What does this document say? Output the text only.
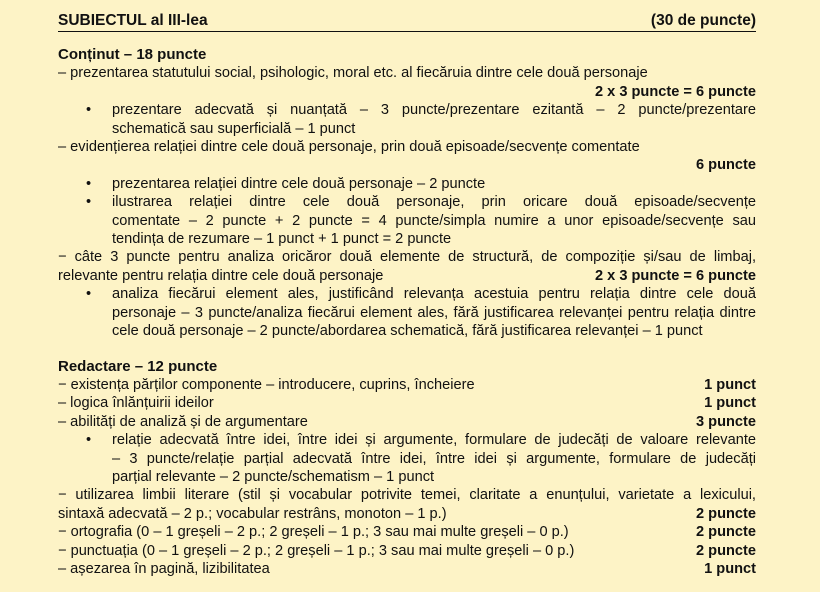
SUBIECTUL al III-lea	(30 de puncte)
Conținut – 18 puncte
– prezentarea statutului social, psihologic, moral etc. al fiecăruia dintre cele două personaje
2 x 3 puncte = 6 puncte
• prezentare adecvată și nuanțată – 3 puncte/prezentare ezitantă – 2 puncte/prezentare
schematică sau superficială – 1 punct
– evidențierea relației dintre cele două personaje, prin două episoade/secvențe comentate
6 puncte
• prezentarea relației dintre cele două personaje – 2 puncte
• ilustrarea relației dintre cele două personaje, prin oricare două episoade/secvențe
comentate – 2 puncte + 2 puncte = 4 puncte/simpla numire a unor episoade/secvențe sau
tendința de rezumare – 1 punct + 1 punct = 2 puncte
− câte 3 puncte pentru analiza oricăror două elemente de structură, de compoziție și/sau de limbaj,
relevante pentru relația dintre cele două personaje	2 x 3 puncte = 6 puncte
• analiza fiecărui element ales, justificând relevanța acestuia pentru relația dintre cele două
personaje – 3 puncte/analiza fiecărui element ales, fără justificarea relevanței pentru relația dintre
cele două personaje – 2 puncte/abordarea schematică, fără justificarea relevanței – 1 punct
Redactare – 12 puncte
− existența părților componente – introducere, cuprins, încheiere	1 punct
– logica înlănțuirii ideilor	1 punct
– abilități de analiză și de argumentare	3 puncte
• relație adecvată între idei, între idei și argumente, formulare de judecăți de valoare relevante
– 3 puncte/relație parțial adecvată între idei, între idei și argumente, formulare de judecăți
parțial relevante – 2 puncte/schematism – 1 punct
− utilizarea limbii literare (stil și vocabular potrivite temei, claritate a enunțului, varietate a lexicului,
sintaxă adecvată – 2 p.; vocabular restrâns, monoton – 1 p.)	2 puncte
− ortografia (0 – 1 greșeli – 2 p.; 2 greșeli – 1 p.; 3 sau mai multe greșeli – 0 p.)	2 puncte
− punctuația (0 – 1 greșeli – 2 p.; 2 greșeli – 1 p.; 3 sau mai multe greșeli – 0 p.)	2 puncte
– așezarea în pagină, lizibilitatea	1 punct
